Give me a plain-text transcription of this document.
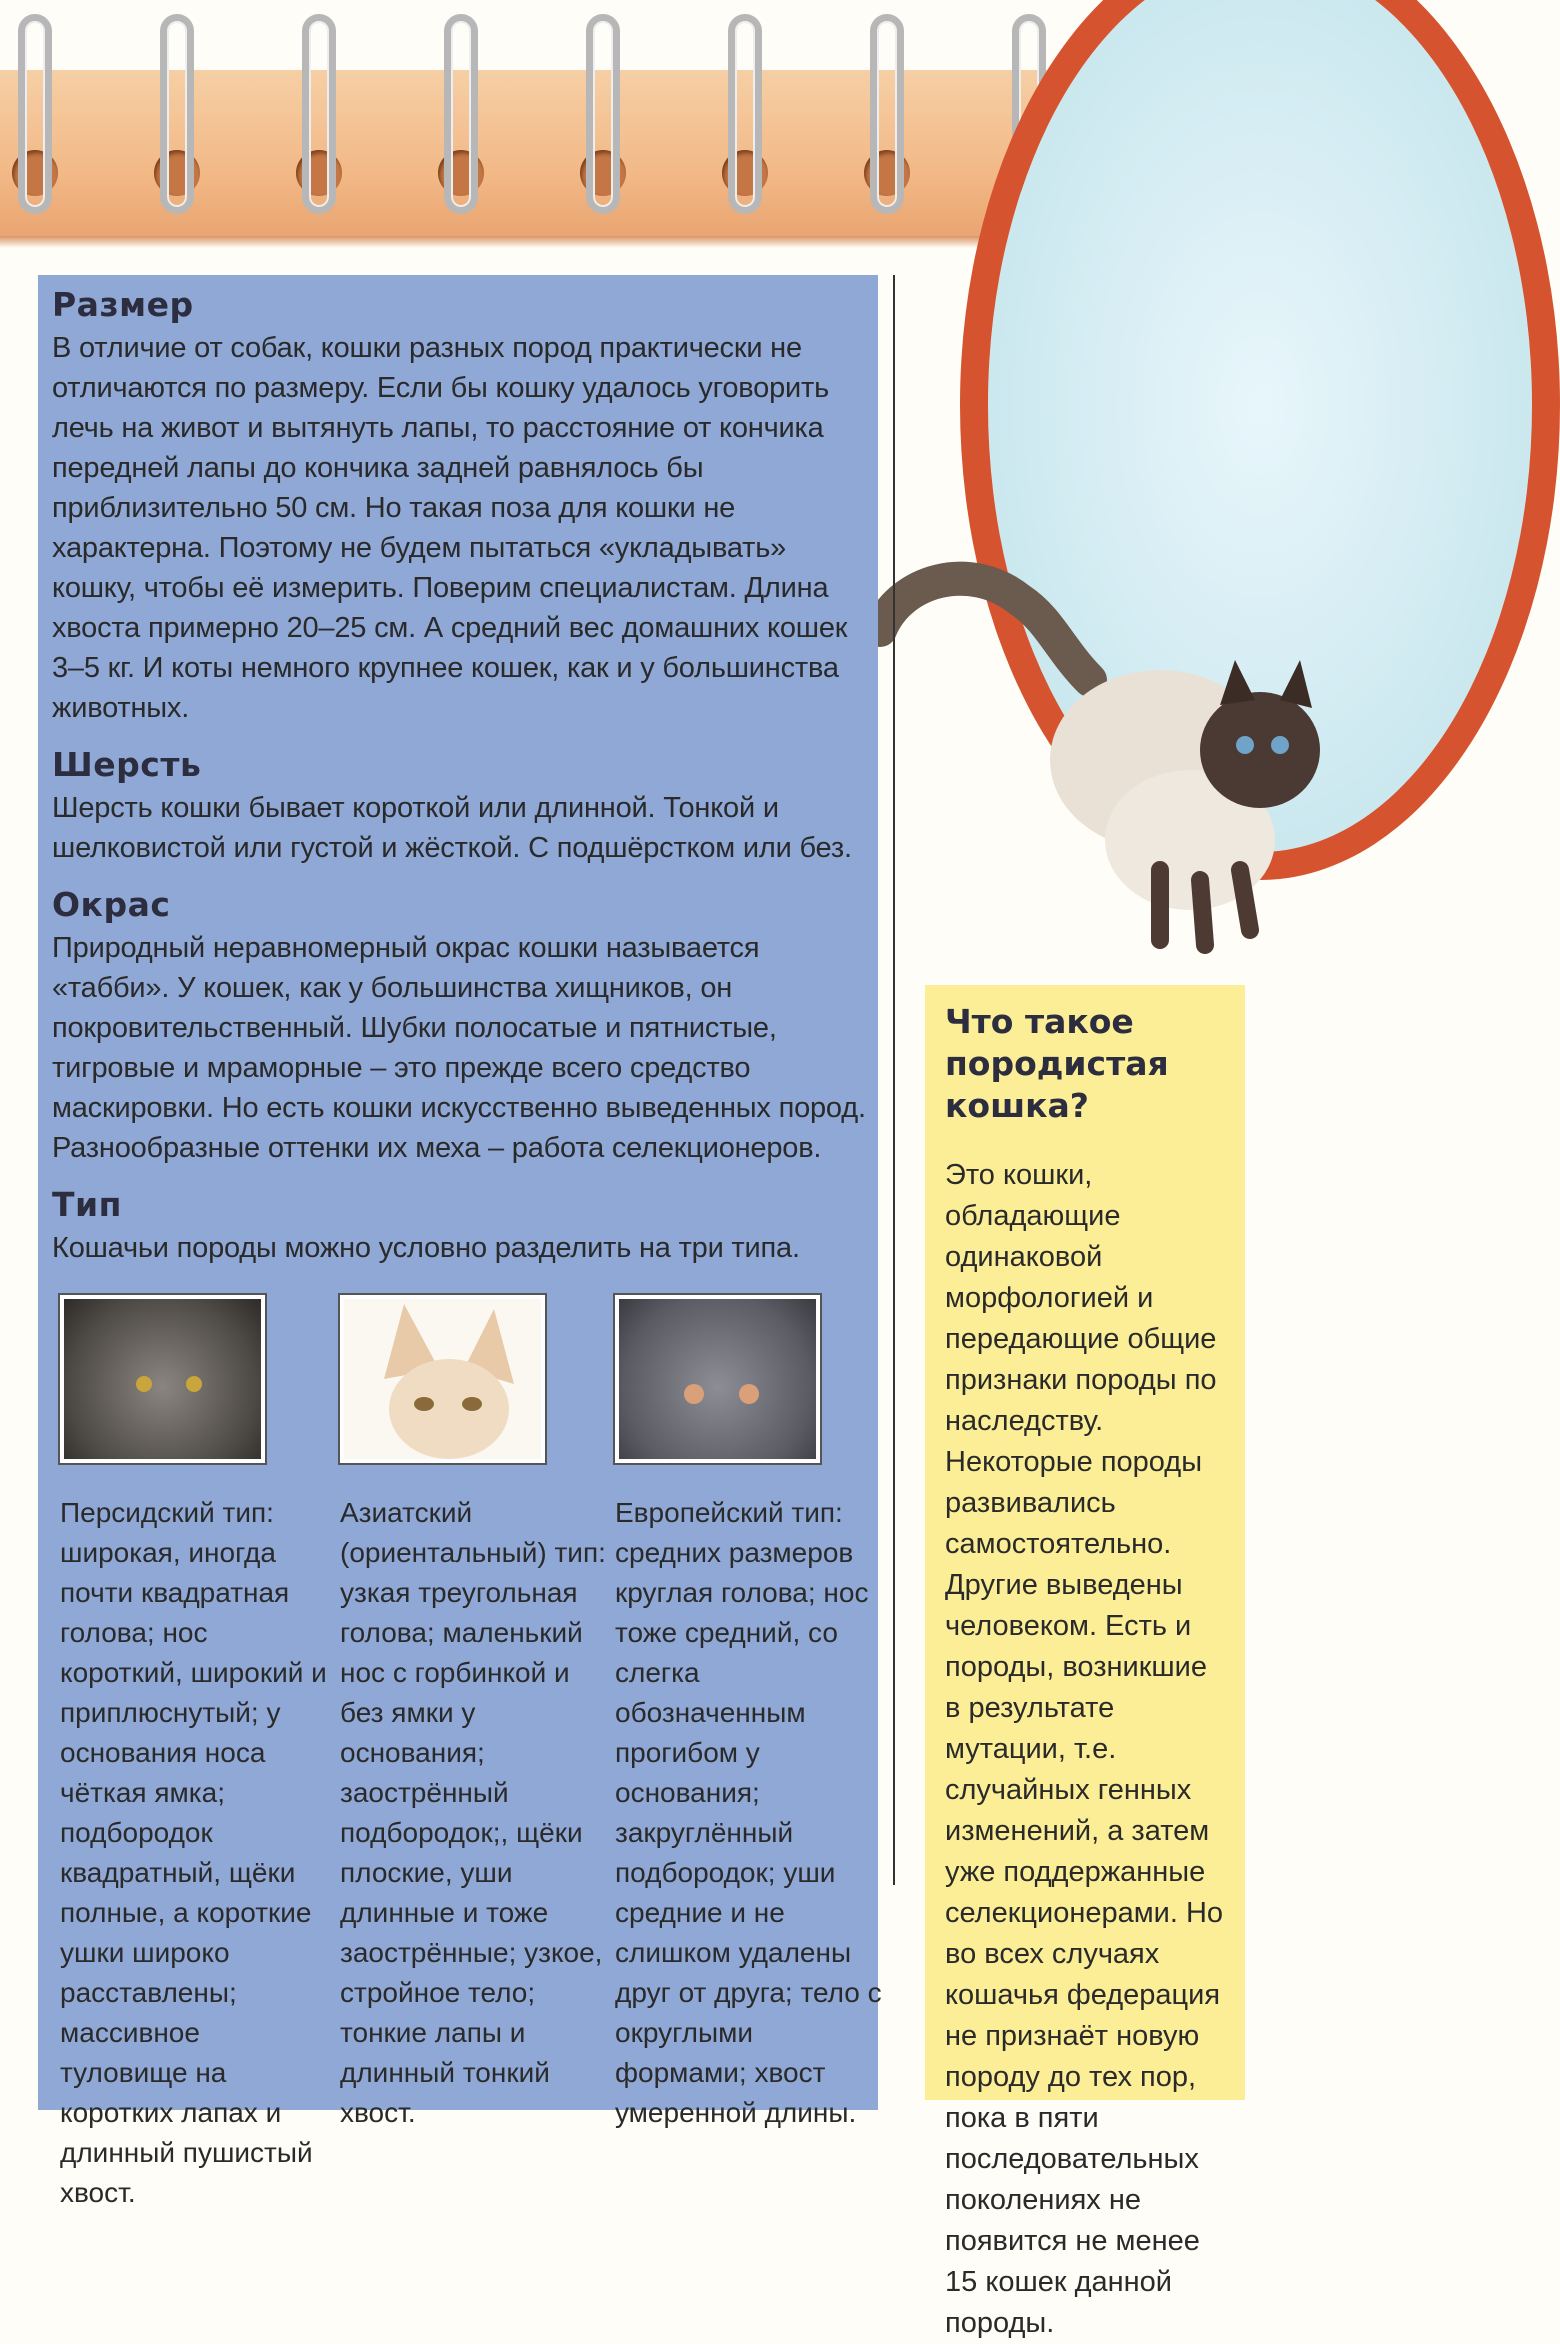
Размер
В отличие от собак, кошки разных пород практически не отличаются по размеру. Если бы кошку удалось уговорить лечь на живот и вытянуть лапы, то расстояние от кончика передней лапы до кончика задней равнялось бы приблизительно 50 см. Но такая поза для кошки не характерна. Поэтому не будем пытаться «укладывать» кошку, чтобы её измерить. Поверим специалистам. Длина хвоста примерно 20–25 см. А средний вес домашних кошек 3–5 кг. И коты немного крупнее кошек, как и у большинства животных.
Шерсть
Шерсть кошки бывает короткой или длинной. Тонкой и шелковистой или густой и жёсткой. С подшёрстком или без.
Окрас
Природный неравномерный окрас кошки называется «табби». У кошек, как у большинства хищников, он покровительственный. Шубки полосатые и пятнистые, тигровые и мраморные – это прежде всего средство маскировки. Но есть кошки искусственно выведенных пород. Разнообразные оттенки их меха – работа селекционеров.
Тип
Кошачьи породы можно условно разделить на три типа.
Персидский тип: широкая, иногда почти квадратная голова; нос короткий, широкий и приплюснутый; у основания носа чёткая ямка; подбородок квадратный, щёки полные, а короткие ушки широко расставлены; массивное туловище на коротких лапах и длинный пушистый хвост.
Азиатский (ориентальный) тип: узкая треугольная голова; маленький нос с горбинкой и без ямки у основания; заострённый подбородок;, щёки плоские, уши длинные и тоже заострённые; узкое, стройное тело; тонкие лапы и длинный тонкий хвост.
Европейский тип: средних размеров круглая голова; нос тоже средний, со слегка обозначенным прогибом у основания; закруглённый подбородок; уши средние и не слишком удалены друг от друга; тело с округлыми формами; хвост умеренной длины.
Что такое породистая кошка?
Это кошки, обладающие одинаковой морфологией и передающие общие признаки породы по наследству. Некоторые породы развивались самостоятельно. Другие выведены человеком. Есть и породы, возникшие в результате мутации, т.е. случайных генных изменений, а затем уже поддержанные селекционерами. Но во всех случаях кошачья федерация не признаёт новую породу до тех пор, пока в пяти последовательных поколениях не появится не менее 15 кошек данной породы.
